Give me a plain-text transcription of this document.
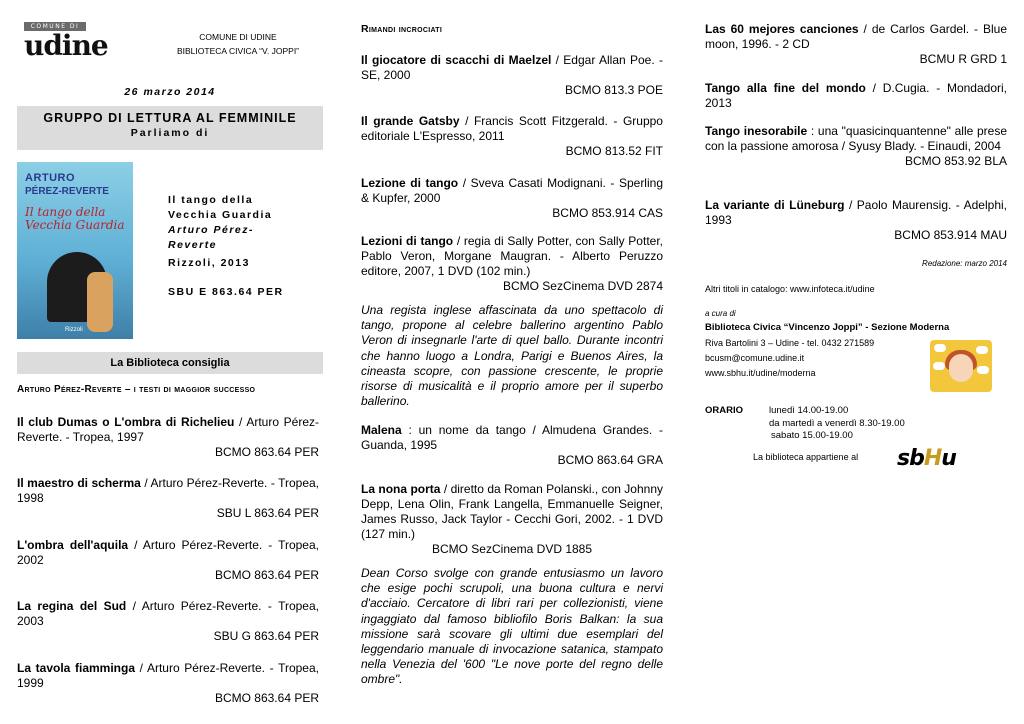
COMUNE DI
udine	COMUNE DI UDINE
BIBLIOTECA CIVICA “V. JOPPI”
26 marzo 2014
GRUPPO DI LETTURA AL FEMMINILE
Parliamo di
ARTURO
PÉREZ-REVERTE
Il tango della Vecchia Guardia
Rizzoli
Il tango della
Vecchia Guardia
Arturo Pérez-
Reverte
Rizzoli, 2013
SBU E 863.64 PER
La Biblioteca consiglia
Arturo Pérez-Reverte – i testi di maggior successo
Il club Dumas o L'ombra di Richelieu / Arturo Pérez-Reverte. - Tropea, 1997
BCMO 863.64 PER
Il maestro di scherma / Arturo Pérez-Reverte. - Tropea, 1998
SBU L 863.64 PER
L'ombra dell'aquila / Arturo Pérez-Reverte. - Tropea, 2002
BCMO 863.64 PER
La regina del Sud / Arturo Pérez-Reverte. - Tropea, 2003
SBU G 863.64 PER
La tavola fiamminga / Arturo Pérez-Reverte. - Tropea, 1999
BCMO 863.64 PER
Rimandi incrociati
Il giocatore di scacchi di Maelzel / Edgar Allan Poe. - SE, 2000
BCMO 813.3 POE
Il grande Gatsby / Francis Scott Fitzgerald. - Gruppo editoriale L'Espresso, 2011
BCMO 813.52 FIT
Lezione di tango / Sveva Casati Modignani. - Sperling & Kupfer, 2000
BCMO 853.914 CAS
Lezioni di tango / regia di Sally Potter, con Sally Potter, Pablo Veron, Morgane Maugran. - Alberto Peruzzo editore, 2007, 1 DVD (102 min.)
BCMO SezCinema DVD 2874
Una regista inglese affascinata da uno spettacolo di tango, propone al celebre ballerino argentino Pablo Veron di insegnarle l'arte di quel ballo. Durante incontri che hanno luogo a Londra, Parigi e Buenos Aires, la cineasta scopre, con passione crescente, le proprie risorse di musicalità e il proprio amore per il superbo ballerino.
Malena : un nome da tango / Almudena Grandes. - Guanda, 1995
BCMO 863.64 GRA
La nona porta / diretto da Roman Polanski., con Johnny Depp, Lena Olin, Frank Langella, Emmanuelle Seigner, James Russo, Jack Taylor - Cecchi Gori, 2002. - 1 DVD (127 min.)
BCMO SezCinema DVD 1885
Dean Corso svolge con grande entusiasmo un lavoro che esige pochi scrupoli, una buona cultura e nervi d'acciaio. Cercatore di libri rari per collezionisti, viene ingaggiato dal famoso bibliofilo Boris Balkan: la sua missione sarà scovare gli ultimi due esemplari del leggendario manuale di invocazione satanica, stampato nella Venezia del '600 "Le nove porte del regno delle ombre".
Las 60 mejores canciones / de Carlos Gardel. - Blue moon, 1996. - 2 CD
BCMU R GRD 1
Tango alla fine del mondo / D.Cugia. - Mondadori, 2013
Tango inesorabile : una "quasicinquantenne" alle prese con la passione amorosa / Syusy Blady. - Einaudi, 2004
BCMO 853.92 BLA
La variante di Lüneburg / Paolo Maurensig. - Adelphi, 1993
BCMO 853.914 MAU
Redazione: marzo 2014
Altri titoli in catalogo: www.infoteca.it/udine
a cura di
Biblioteca Civica “Vincenzo Joppi” - Sezione Moderna
Riva Bartolini 3 – Udine - tel. 0432 271589
bcusm@comune.udine.it
www.sbhu.it/udine/moderna
ORARIO	lunedì 14.00-19.00
da martedì a venerdì 8.30-19.00
sabato 15.00-19.00
La biblioteca appartiene al sbHu
